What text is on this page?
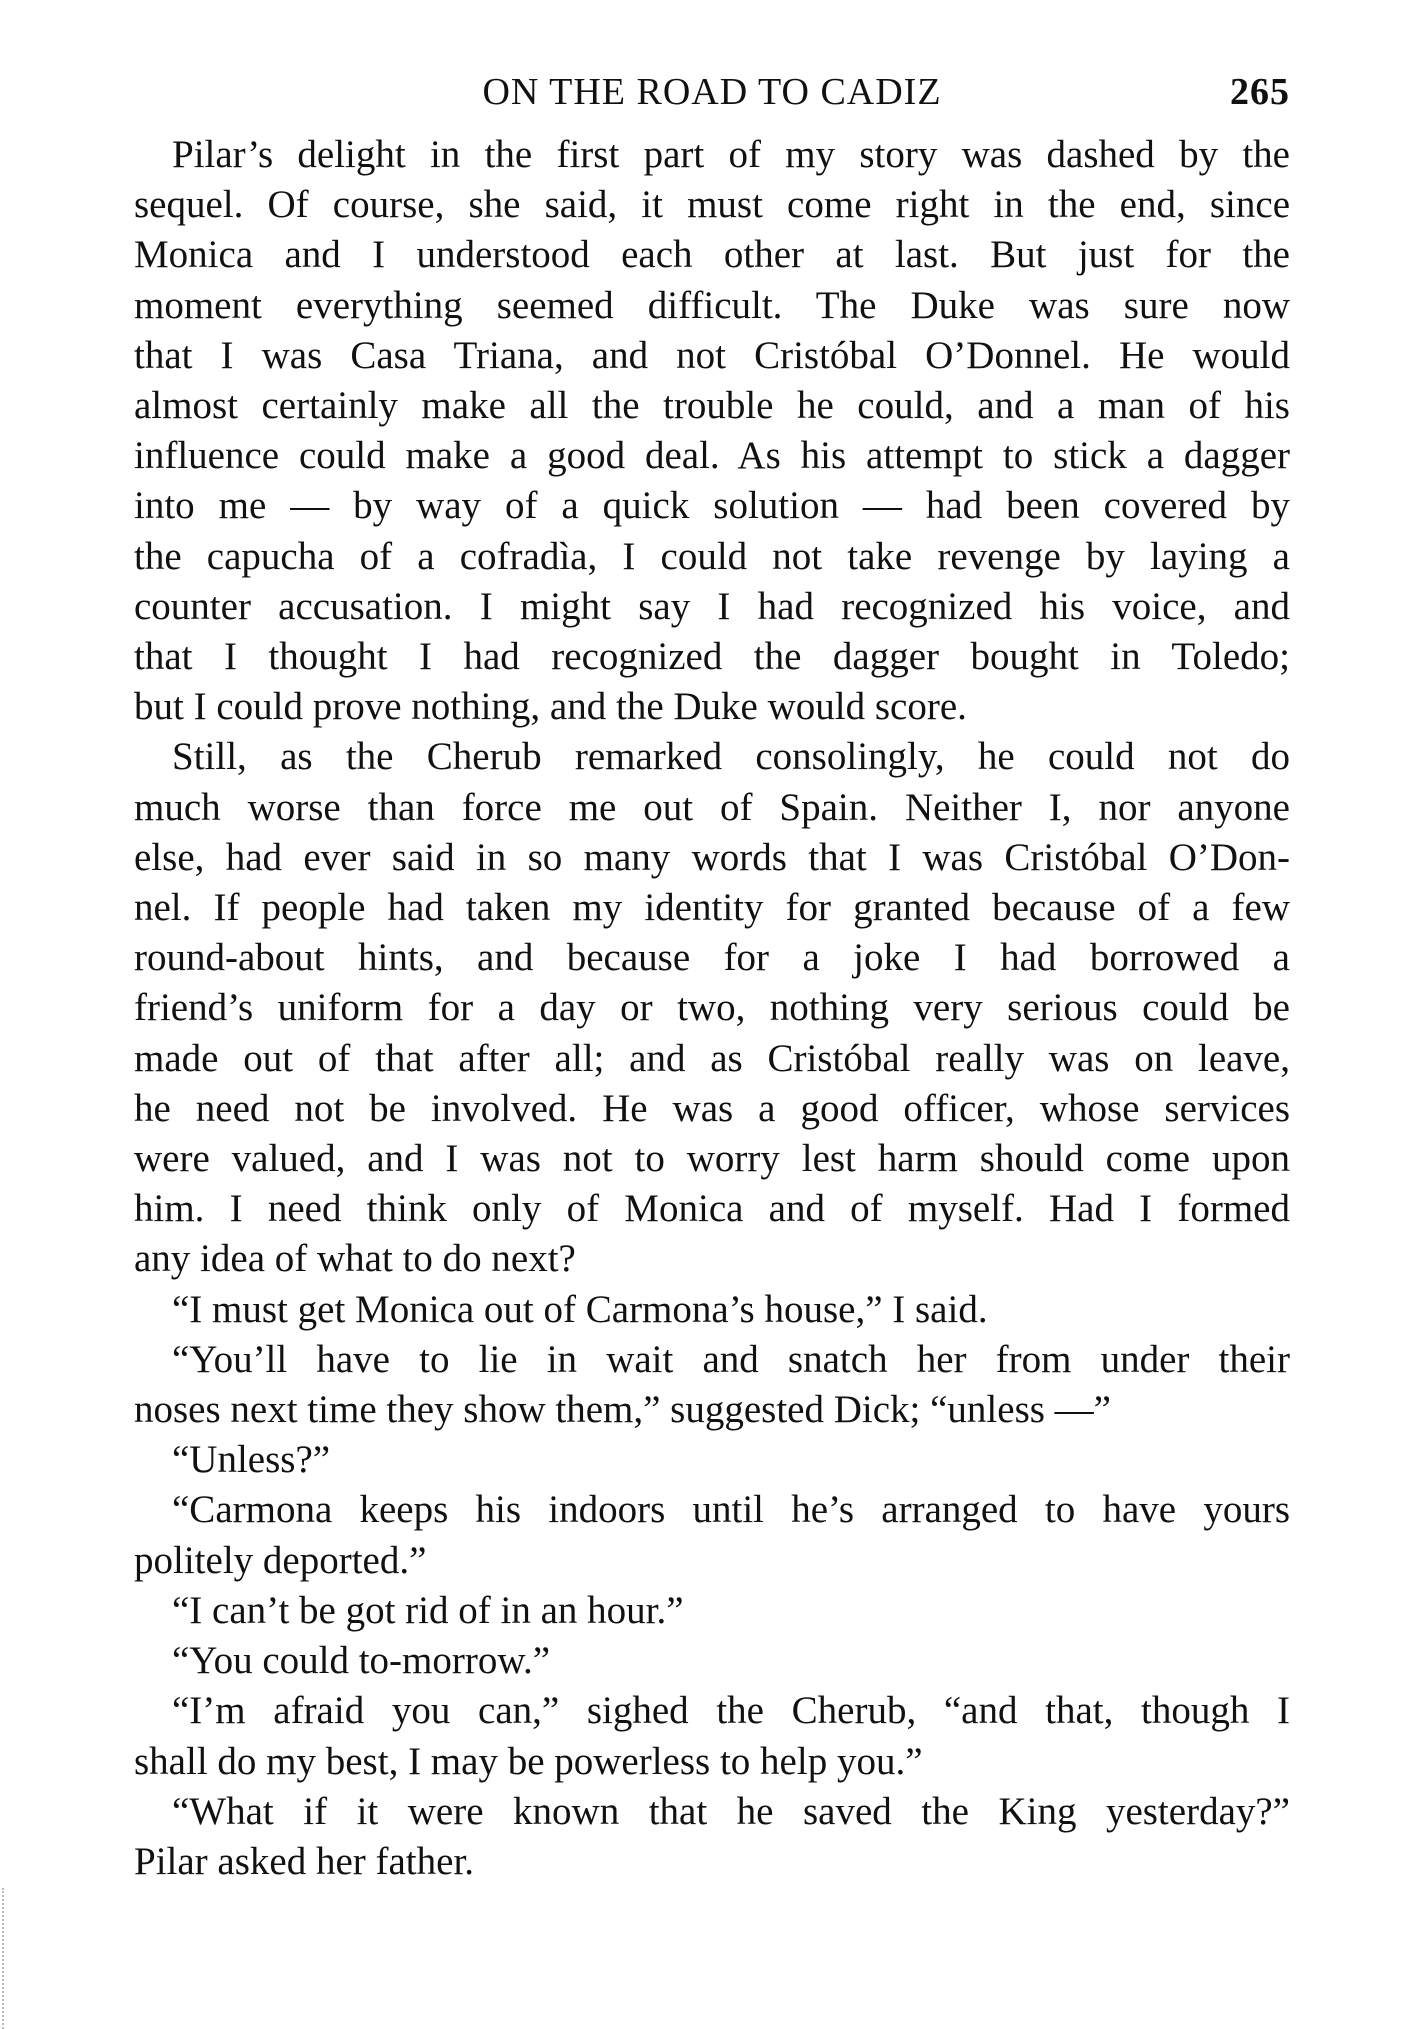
ON THE ROAD TO CADIZ	265
Pilar’s delight in the first part of my story was dashed by the
sequel. Of course, she said, it must come right in the end, since
Monica and I understood each other at last. But just for the
moment everything seemed difficult. The Duke was sure now
that I was Casa Triana, and not Cristóbal O’Donnel. He would
almost certainly make all the trouble he could, and a man of his
influence could make a good deal. As his attempt to stick a dagger
into me — by way of a quick solution — had been covered by
the capucha of a cofradìa, I could not take revenge by laying a
counter accusation. I might say I had recognized his voice, and
that I thought I had recognized the dagger bought in Toledo;
but I could prove nothing, and the Duke would score.
Still, as the Cherub remarked consolingly, he could not do
much worse than force me out of Spain. Neither I, nor anyone
else, had ever said in so many words that I was Cristóbal O’Don-
nel. If people had taken my identity for granted because of a few
round-about hints, and because for a joke I had borrowed a
friend’s uniform for a day or two, nothing very serious could be
made out of that after all; and as Cristóbal really was on leave,
he need not be involved. He was a good officer, whose services
were valued, and I was not to worry lest harm should come upon
him. I need think only of Monica and of myself. Had I formed
any idea of what to do next?
“I must get Monica out of Carmona’s house,” I said.
“You’ll have to lie in wait and snatch her from under their
noses next time they show them,” suggested Dick; “unless —”
“Unless?”
“Carmona keeps his indoors until he’s arranged to have yours
politely deported.”
“I can’t be got rid of in an hour.”
“You could to-morrow.”
“I’m afraid you can,” sighed the Cherub, “and that, though I
shall do my best, I may be powerless to help you.”
“What if it were known that he saved the King yesterday?”
Pilar asked her father.
